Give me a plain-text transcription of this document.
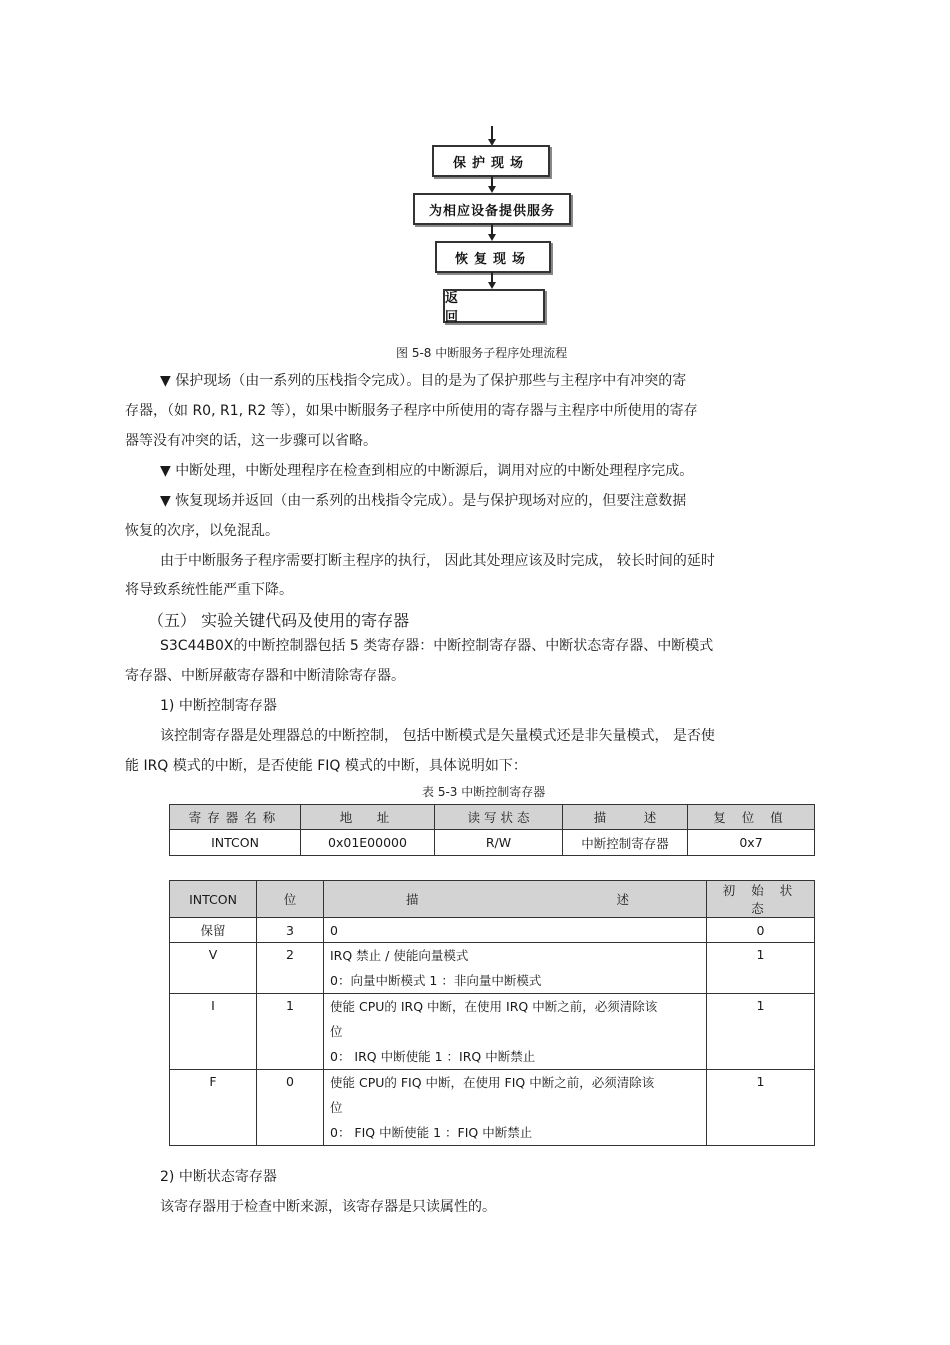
保护现场
为相应设备提供服务
恢复现场
返　回
图 5-8 中断服务子程序处理流程
▼ 保护现场（由一系列的压栈指令完成）。目的是为了保护那些与主程序中有冲突的寄
存器，（如 R0, R1, R2 等），如果中断服务子程序中所使用的寄存器与主程序中所使用的寄存
器等没有冲突的话，这一步骤可以省略。
▼ 中断处理，中断处理程序在检查到相应的中断源后，调用对应的中断处理程序完成。
▼ 恢复现场并返回（由一系列的出栈指令完成）。是与保护现场对应的，但要注意数据
恢复的次序，以免混乱。
由于中断服务子程序需要打断主程序的执行， 因此其处理应该及时完成， 较长时间的延时
将导致系统性能严重下降。
（五） 实验关键代码及使用的寄存器
S3C44B0X的中断控制器包括 5 类寄存器：中断控制寄存器、中断状态寄存器、中断模式
寄存器、中断屏蔽寄存器和中断清除寄存器。
1) 中断控制寄存器
该控制寄存器是处理器总的中断控制， 包括中断模式是矢量模式还是非矢量模式， 是否使
能 IRQ 模式的中断，是否使能 FIQ 模式的中断，具体说明如下：
表 5-3 中断控制寄存器
寄存器名称	地　址	读 写 状 态	描　　　述	复 位 值
INTCON	0x01E00000	R/W	中断控制寄存器	0x7
INTCON	位	描 述	初 始 状 态
保留	3	0	0
V	2	IRQ 禁止 / 使能向量模式
0：向量中断模式 1 ：非向量中断模式	1
I	1	使能 CPU的 IRQ 中断，在使用 IRQ 中断之前，必须清除该
位
0： IRQ 中断使能 1 ：IRQ 中断禁止	1
F	0	使能 CPU的 FIQ 中断，在使用 FIQ 中断之前，必须清除该
位
0： FIQ 中断使能 1 ：FIQ 中断禁止	1
2) 中断状态寄存器
该寄存器用于检查中断来源，该寄存器是只读属性的。
